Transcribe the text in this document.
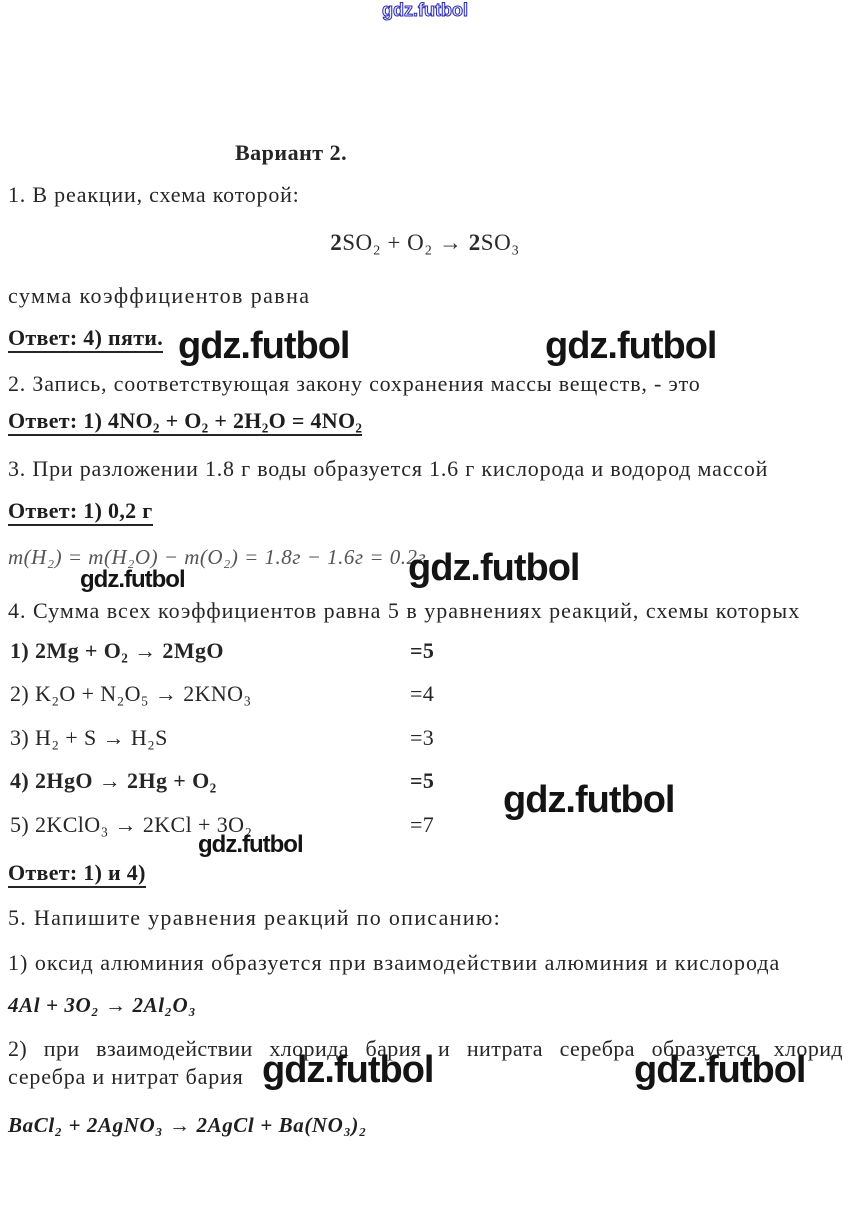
gdz.futbol
Вариант 2.
1. В реакции, схема которой:
2SO₂ + O₂ → 2SO₃
сумма коэффициентов равна
Ответ: 4) пяти. gdz.futbol	gdz.futbol
2. Запись, соответствующая закону сохранения массы веществ, - это
Ответ: 1) 4NO₂ + O₂ + 2H₂O = 4NO₂
3. При разложении 1.8 г воды образуется 1.6 г кислорода и водород массой
Ответ: 1) 0,2 г
m(H₂) = m(H₂O) − m(O₂) = 1.8г − 1.6г = 0.2г
gdz.futbol	gdz.futbol
4. Сумма всех коэффициентов равна 5 в уравнениях реакций, схемы которых
1) 2Mg + O₂ → 2MgO	=5
2) K₂O + N₂O₅ → 2KNO₃	=4
3) H₂ + S → H₂S	=3
4) 2HgO → 2Hg + O₂	=5
5) 2KClO₃ → 2KCl + 3O₂	=7
gdz.futbol
gdz.futbol
Ответ: 1) и 4)
5. Напишите уравнения реакций по описанию:
1) оксид алюминия образуется при взаимодействии алюминия и кислорода
4Al + 3O₂ → 2Al₂O₃
2) при взаимодействии хлорида бария и нитрата серебра образуется хлорид
серебра и нитрат бария gdz.futbol	gdz.futbol
BaCl₂ + 2AgNO₃ → 2AgCl + Ba(NO₃)₂
